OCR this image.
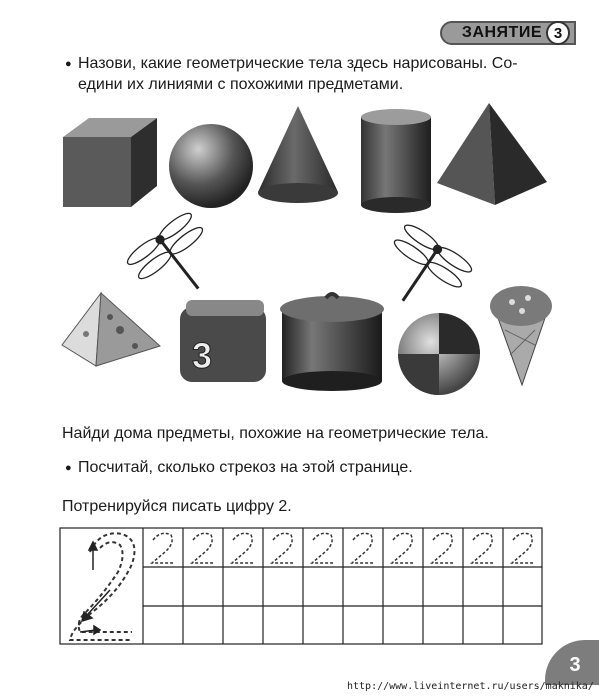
ЗАНЯТИЕ 3
● Назови, какие геометрические тела здесь нарисованы. Со-
едини их линиями с похожими предметами.
3
Найди дома предметы, похожие на геометрические тела.
● Посчитай, сколько стрекоз на этой странице.
Потренируйся писать цифру 2.
3
http://www.liveinternet.ru/users/maknika/
